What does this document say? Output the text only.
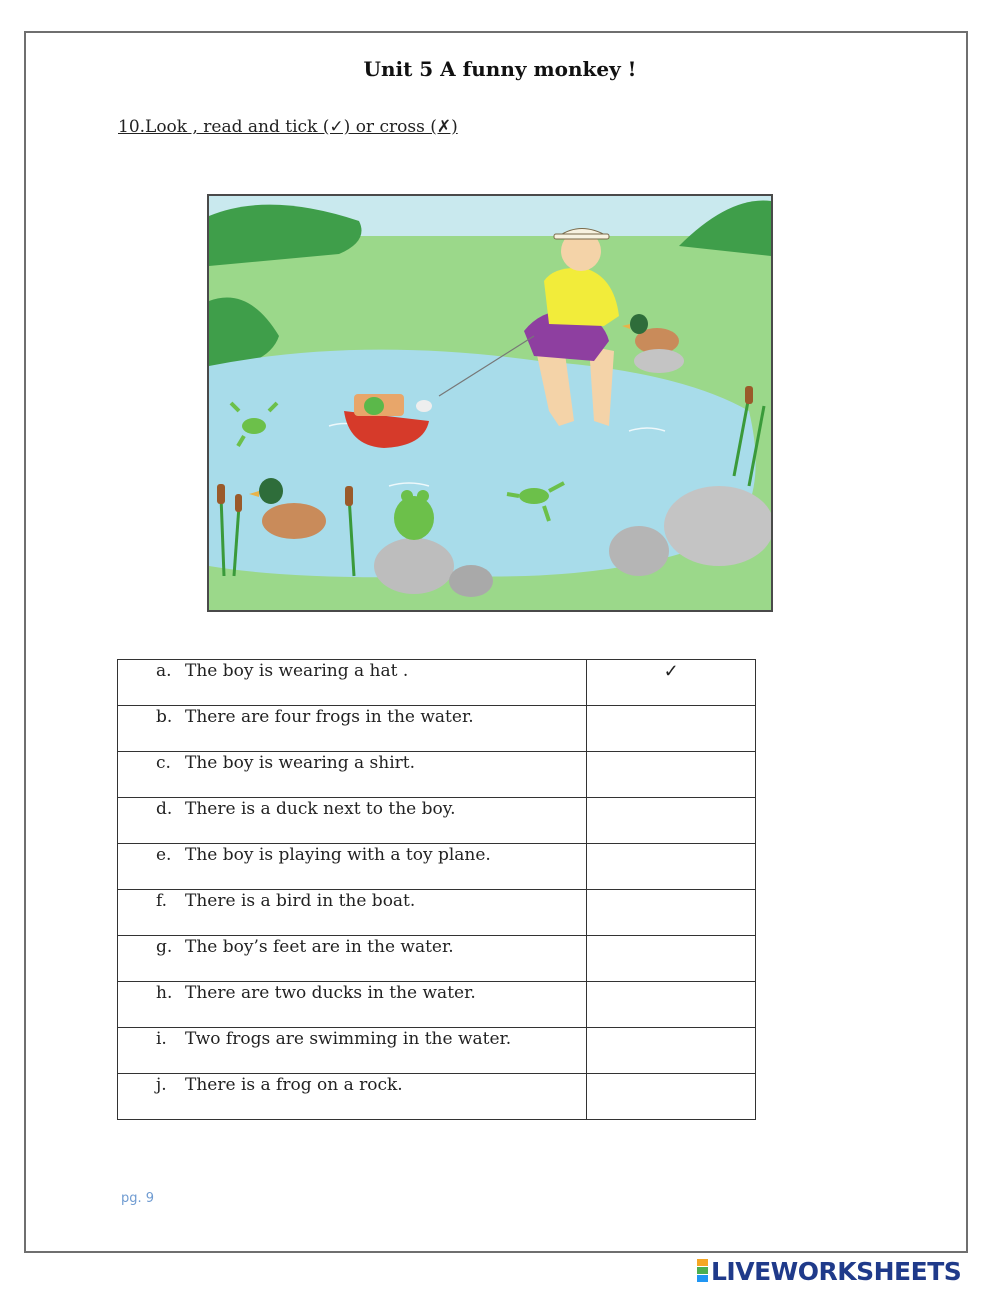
Unit 5 A funny monkey !
10.Look , read and tick (✓) or cross (✗)
a. The boy is wearing a hat .	✓
b. There are four frogs in the water.	
c. The boy is wearing a shirt.	
d. There is a duck next to the boy.	
e. The boy is playing with a toy plane.	
f. There is a bird in the boat.	
g. The boy’s feet are in the water.	
h. There are two ducks in the water.	
i. Two frogs are swimming in the water.	
j. There is a frog on a rock.	
pg. 9
LIVEWORKSHEETS
